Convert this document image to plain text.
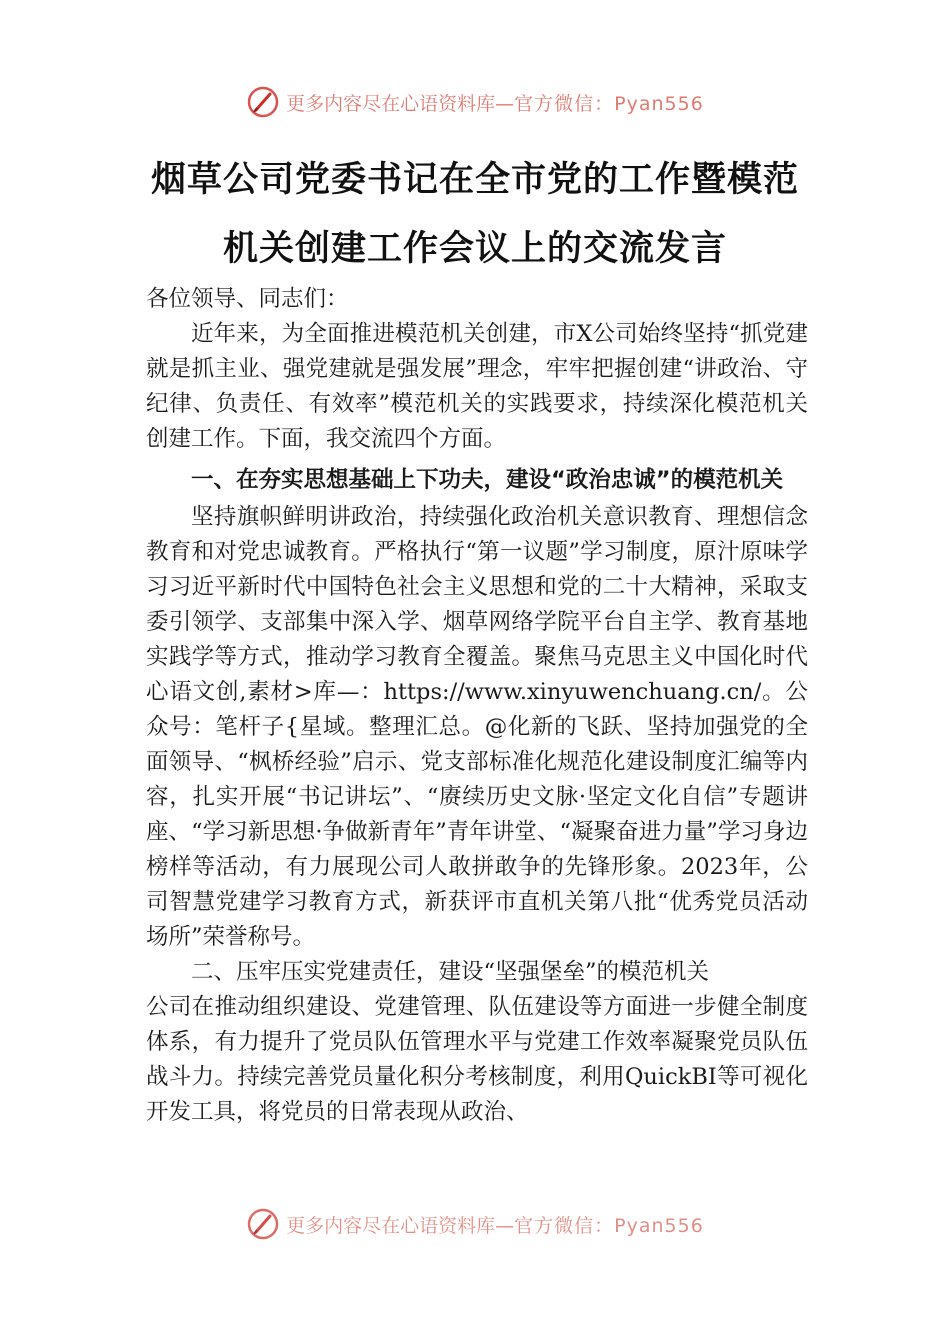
更多内容尽在心语资料库— 官方微信：Pyan556
烟草公司党委书记在全市党的工作暨模范
机关创建工作会议上的交流发言

各位领导、同志们：

近年来，为全面推进模范机关创建，市X公司始终坚持“抓党建就是抓主业、强党建就是强发展”理念，牢牢把握创建“讲政治、守纪律、负责任、有效率”模范机关的实践要求，持续深化模范机关创建工作。下面，我交流四个方面。

一、在夯实思想基础上下功夫，建设“政治忠诚”的模范机关

坚持旗帜鲜明讲政治，持续强化政治机关意识教育、理想信念教育和对党忠诚教育。严格执行“第一议题”学习制度，原汁原味学习习近平新时代中国特色社会主义思想和党的二十大精神，采取支委引领学、支部集中深入学、烟草网络学院平台自主学、教育基地实践学等方式，推动学习教育全覆盖。聚焦马克思主义中国化时代心语文创,素材>库—：https://www.xinyuwenchuang.cn/。公众号：笔杆子{星域。整理汇总。@化新的飞跃、坚持加强党的全面领导、“枫桥经验”启示、党支部标准化规范化建设制度汇编等内容，扎实开展“书记讲坛”、“赓续历史文脉·坚定文化自信”专题讲座、“学习新思想·争做新青年”青年讲堂、“凝聚奋进力量”学习身边榜样等活动，有力展现公司人敢拼敢争的先锋形象。2023年，公司智慧党建学习教育方式，新获评市直机关第八批“优秀党员活动场所”荣誉称号。

二、压牢压实党建责任，建设“坚强堡垒”的模范机关

公司在推动组织建设、党建管理、队伍建设等方面进一步健全制度体系，有力提升了党员队伍管理水平与党建工作效率凝聚党员队伍战斗力。持续完善党员量化积分考核制度，利用QuickBI等可视化开发工具，将党员的日常表现从政治、

更多内容尽在心语资料库— 官方微信：Pyan556
